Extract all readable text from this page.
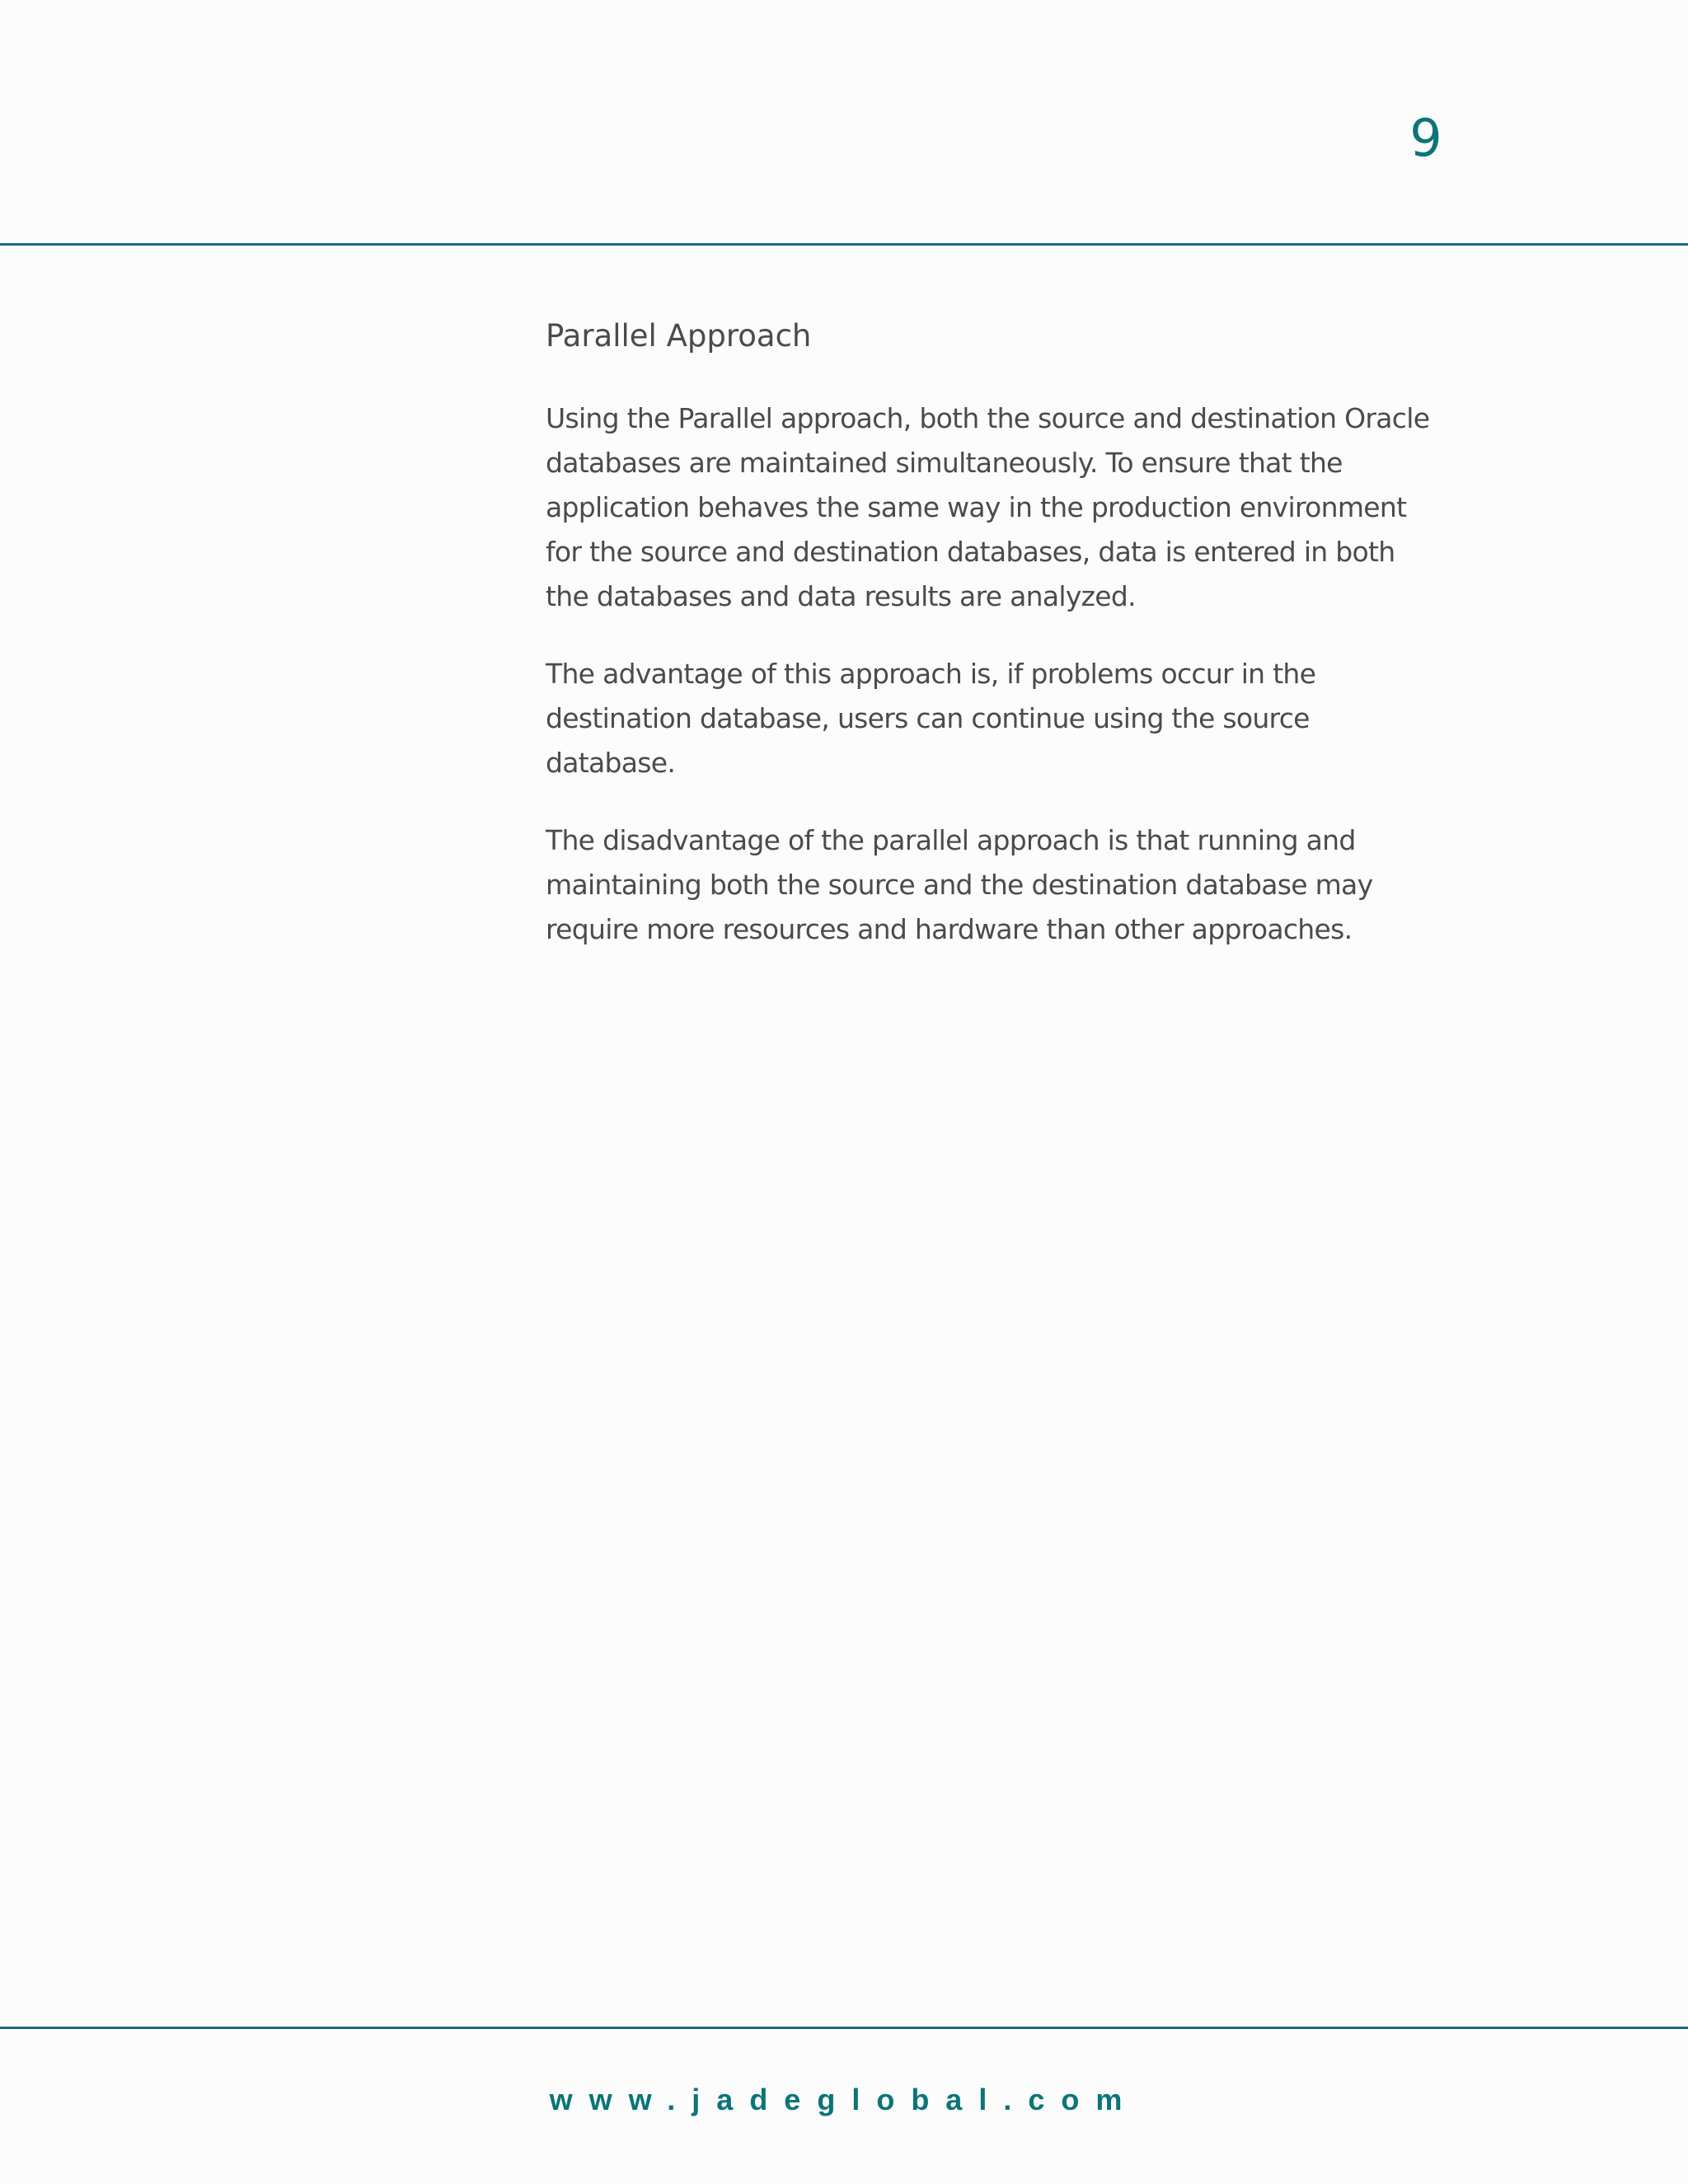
9
Parallel Approach

Using the Parallel approach, both the source and destination Oracle databases are maintained simultaneously. To ensure that the application behaves the same way in the production environment for the source and destination databases, data is entered in both the databases and data results are analyzed.

The advantage of this approach is, if problems occur in the destination database, users can continue using the source database.

The disadvantage of the parallel approach is that running and maintaining both the source and the destination database may require more resources and hardware than other approaches.

www.jadeglobal.com
